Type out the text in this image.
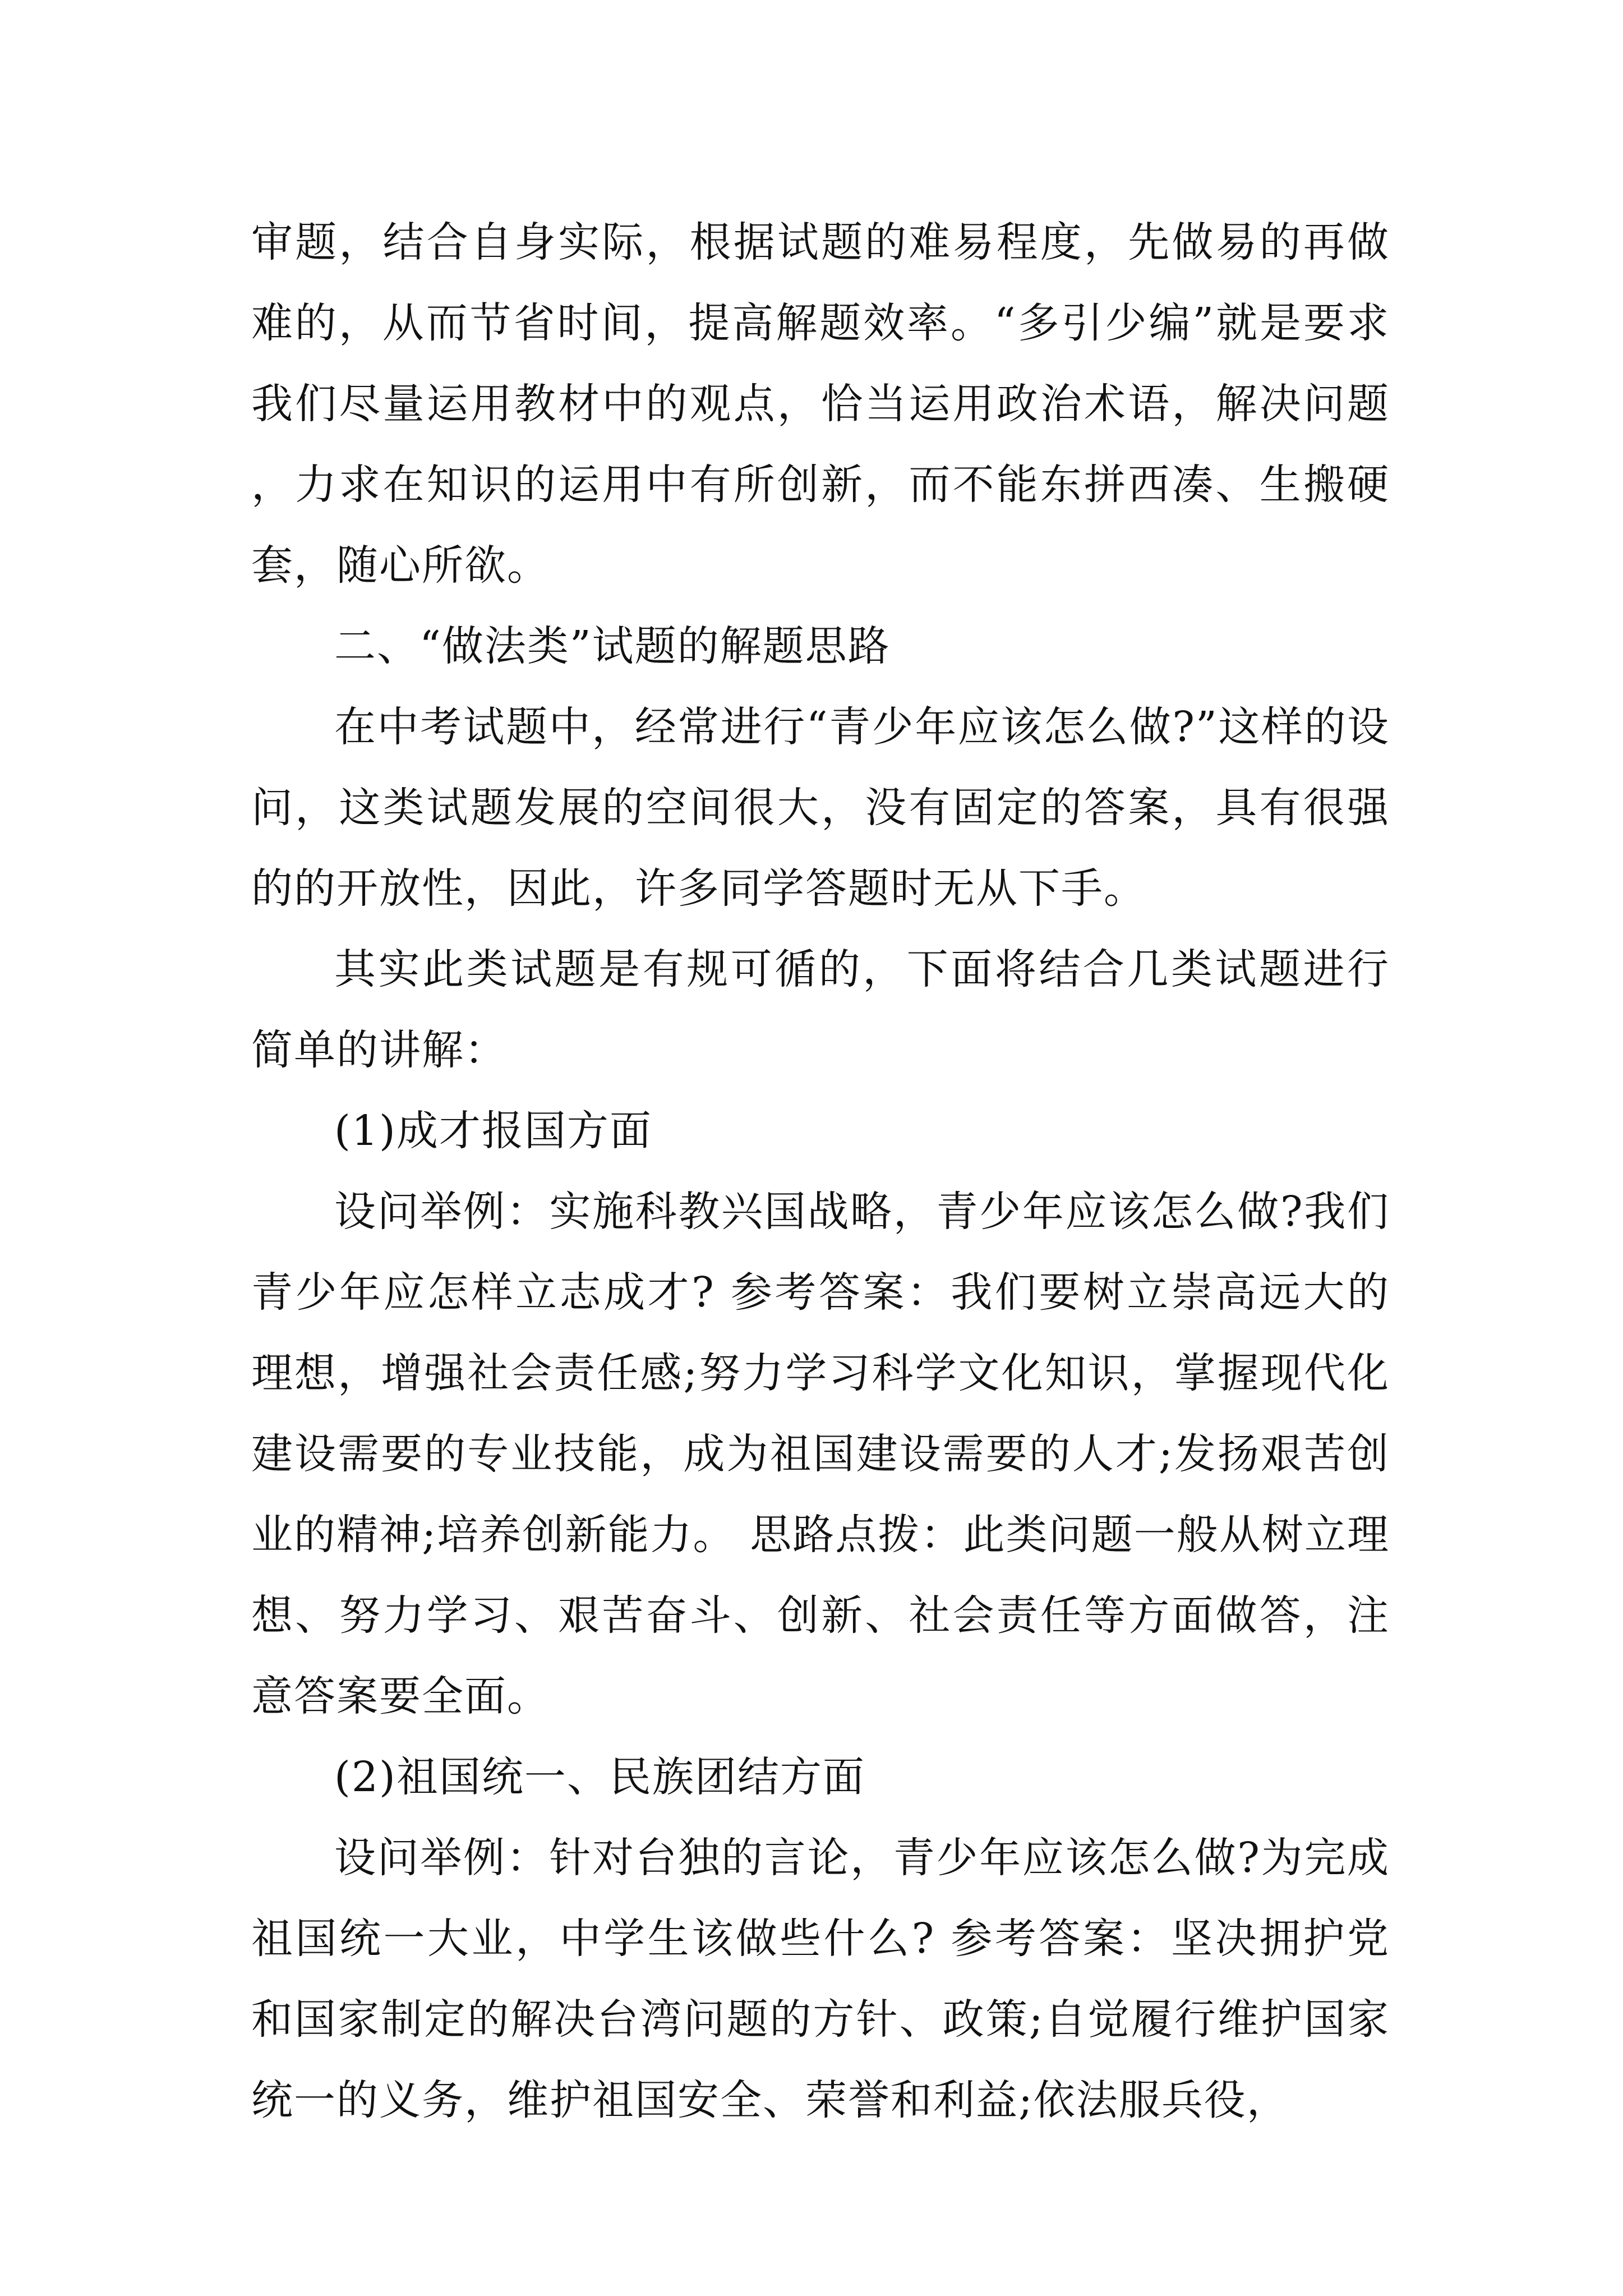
审题，结合自身实际，根据试题的难易程度，先做易的再做难的，从而节省时间，提高解题效率。“多引少编”就是要求我们尽量运用教材中的观点，恰当运用政治术语，解决问题，力求在知识的运用中有所创新，而不能东拼西凑、生搬硬套，随心所欲。

二、“做法类”试题的解题思路

在中考试题中，经常进行“青少年应该怎么做?”这样的设问，这类试题发展的空间很大，没有固定的答案，具有很强的的开放性，因此，许多同学答题时无从下手。

其实此类试题是有规可循的，下面将结合几类试题进行简单的讲解：

(1)成才报国方面

设问举例：实施科教兴国战略，青少年应该怎么做?我们青少年应怎样立志成才? 参考答案：我们要树立崇高远大的理想，增强社会责任感;努力学习科学文化知识，掌握现代化建设需要的专业技能，成为祖国建设需要的人才;发扬艰苦创业的精神;培养创新能力。 思路点拨：此类问题一般从树立理想、努力学习、艰苦奋斗、创新、社会责任等方面做答，注意答案要全面。

(2)祖国统一、民族团结方面

设问举例：针对台独的言论，青少年应该怎么做?为完成祖国统一大业，中学生该做些什么? 参考答案：坚决拥护党和国家制定的解决台湾问题的方针、政策;自觉履行维护国家统一的义务，维护祖国安全、荣誉和利益;依法服兵役，
